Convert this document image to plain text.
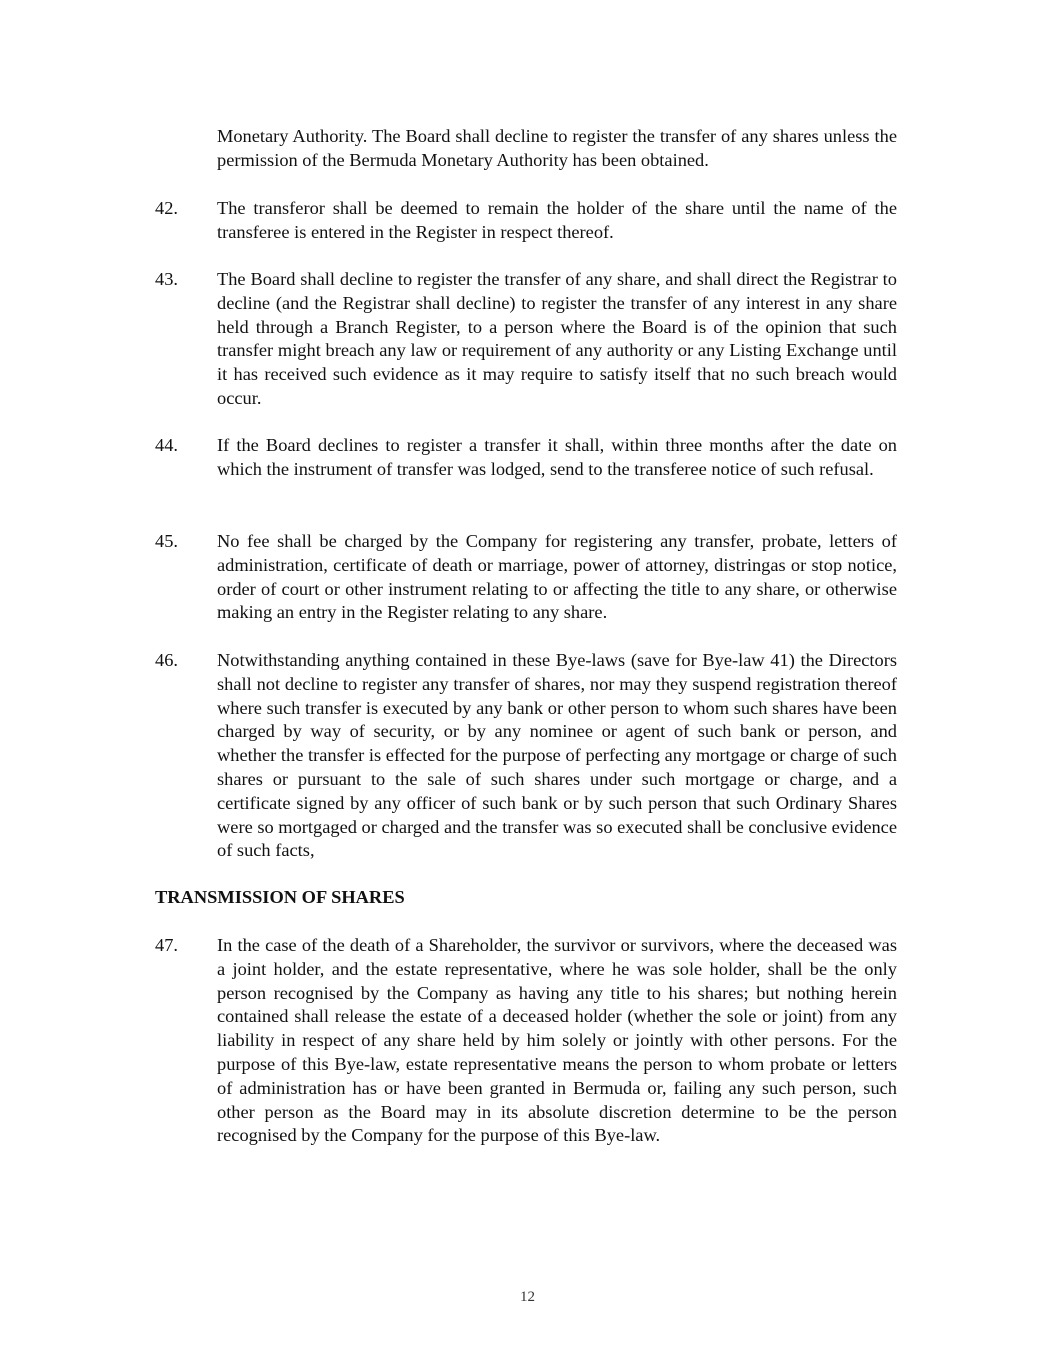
Monetary Authority. The Board shall decline to register the transfer of any shares unless the permission of the Bermuda Monetary Authority has been obtained.
42.	The transferor shall be deemed to remain the holder of the share until the name of the transferee is entered in the Register in respect thereof.
43.	The Board shall decline to register the transfer of any share, and shall direct the Registrar to decline (and the Registrar shall decline) to register the transfer of any interest in any share held through a Branch Register, to a person where the Board is of the opinion that such transfer might breach any law or requirement of any authority or any Listing Exchange until it has received such evidence as it may require to satisfy itself that no such breach would occur.
44.	If the Board declines to register a transfer it shall, within three months after the date on which the instrument of transfer was lodged, send to the transferee notice of such refusal.
45.	No fee shall be charged by the Company for registering any transfer, probate, letters of administration, certificate of death or marriage, power of attorney, distringas or stop notice, order of court or other instrument relating to or affecting the title to any share, or otherwise making an entry in the Register relating to any share.
46.	Notwithstanding anything contained in these Bye-laws (save for Bye-law 41) the Directors shall not decline to register any transfer of shares, nor may they suspend registration thereof where such transfer is executed by any bank or other person to whom such shares have been charged by way of security, or by any nominee or agent of such bank or person, and whether the transfer is effected for the purpose of perfecting any mortgage or charge of such shares or pursuant to the sale of such shares under such mortgage or charge, and a certificate signed by any officer of such bank or by such person that such Ordinary Shares were so mortgaged or charged and the transfer was so executed shall be conclusive evidence of such facts,
TRANSMISSION OF SHARES
47.	In the case of the death of a Shareholder, the survivor or survivors, where the deceased was a joint holder, and the estate representative, where he was sole holder, shall be the only person recognised by the Company as having any title to his shares; but nothing herein contained shall release the estate of a deceased holder (whether the sole or joint) from any liability in respect of any share held by him solely or jointly with other persons. For the purpose of this Bye-law, estate representative means the person to whom probate or letters of administration has or have been granted in Bermuda or, failing any such person, such other person as the Board may in its absolute discretion determine to be the person recognised by the Company for the purpose of this Bye-law.
12
